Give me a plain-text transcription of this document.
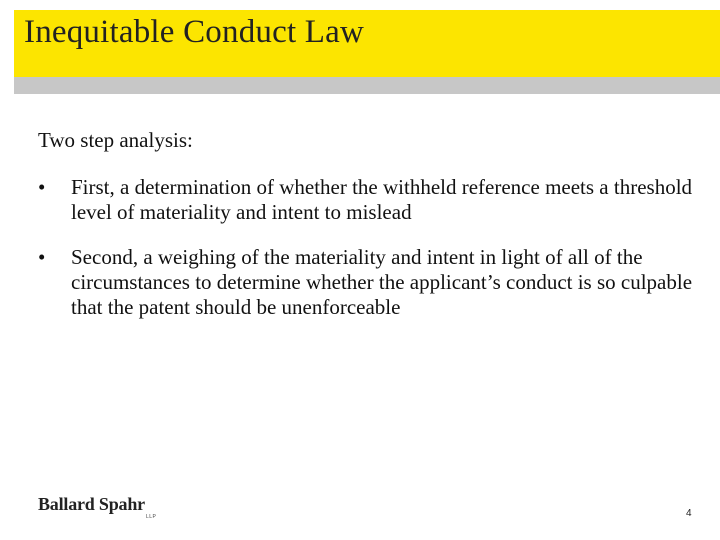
Inequitable Conduct Law

Two step analysis:

•	First, a determination of whether the withheld reference meets a threshold level of materiality and intent to mislead
•	Second, a weighing of the materiality and intent in light of all of the circumstances to determine whether the applicant’s conduct is so culpable that the patent should be unenforceable
Ballard Spahr
LLP	4
